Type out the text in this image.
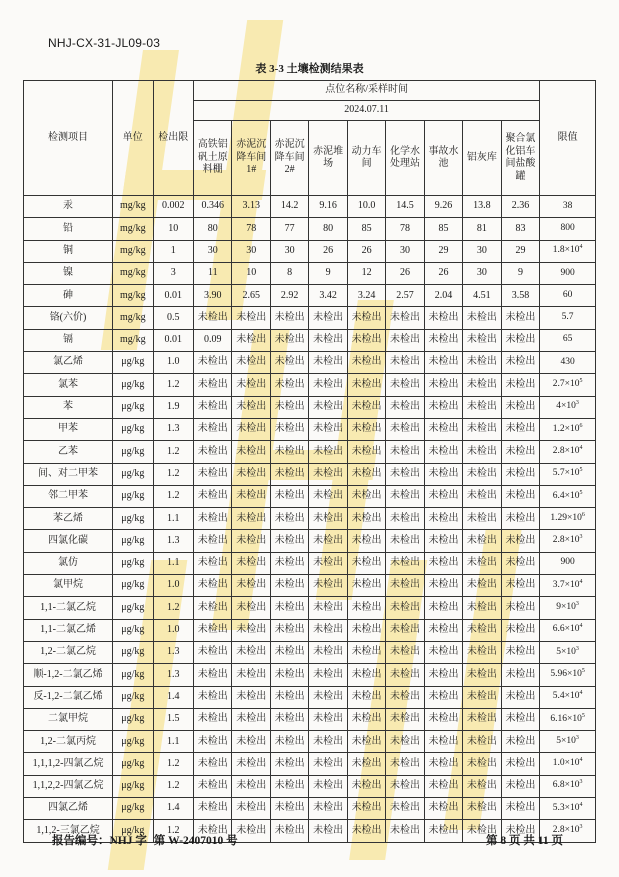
NHJ-CX-31-JL09-03
表 3-3 土壤检测结果表
检测项目	单位	检出限	点位名称/采样时间									限值
			2024.07.11									
			高铁铝矾土原料棚	赤泥沉降车间1#	赤泥沉降车间2#	赤泥堆场	动力车间	化学水处理站	事故水池	铝灰库	聚合氯化铝车间盐酸罐	
汞	mg/kg	0.002	0.346	3.13	14.2	9.16	10.0	14.5	9.26	13.8	2.36	38
铅	mg/kg	10	80	78	77	80	85	78	85	81	83	800
铜	mg/kg	1	30	30	30	26	26	30	29	30	29	$1.8\times 10^4$
镍	mg/kg	3	11	10	8	9	12	26	26	30	9	900
砷	mg/kg	0.01	3.90	2.65	2.92	3.42	3.24	2.57	2.04	4.51	3.58	60
铬(六价)	mg/kg	0.5	未检出	未检出	未检出	未检出	未检出	未检出	未检出	未检出	未检出	5.7
镉	mg/kg	0.01	0.09	未检出	未检出	未检出	未检出	未检出	未检出	未检出	未检出	65
氯乙烯	μg/kg	1.0	未检出	未检出	未检出	未检出	未检出	未检出	未检出	未检出	未检出	430
氯苯	μg/kg	1.2	未检出	未检出	未检出	未检出	未检出	未检出	未检出	未检出	未检出	$2.7\times 10^5$
苯	μg/kg	1.9	未检出	未检出	未检出	未检出	未检出	未检出	未检出	未检出	未检出	$4\times 10^3$
甲苯	μg/kg	1.3	未检出	未检出	未检出	未检出	未检出	未检出	未检出	未检出	未检出	$1.2\times 10^6$
乙苯	μg/kg	1.2	未检出	未检出	未检出	未检出	未检出	未检出	未检出	未检出	未检出	$2.8\times 10^4$
间、对二甲苯	μg/kg	1.2	未检出	未检出	未检出	未检出	未检出	未检出	未检出	未检出	未检出	$5.7\times 10^5$
邻二甲苯	μg/kg	1.2	未检出	未检出	未检出	未检出	未检出	未检出	未检出	未检出	未检出	$6.4\times 10^5$
苯乙烯	μg/kg	1.1	未检出	未检出	未检出	未检出	未检出	未检出	未检出	未检出	未检出	$1.29\times 10^6$
四氯化碳	μg/kg	1.3	未检出	未检出	未检出	未检出	未检出	未检出	未检出	未检出	未检出	$2.8\times 10^3$
氯仿	μg/kg	1.1	未检出	未检出	未检出	未检出	未检出	未检出	未检出	未检出	未检出	900
氯甲烷	μg/kg	1.0	未检出	未检出	未检出	未检出	未检出	未检出	未检出	未检出	未检出	$3.7\times 10^4$
1,1-二氯乙烷	μg/kg	1.2	未检出	未检出	未检出	未检出	未检出	未检出	未检出	未检出	未检出	$9\times 10^3$
1,1-二氯乙烯	μg/kg	1.0	未检出	未检出	未检出	未检出	未检出	未检出	未检出	未检出	未检出	$6.6\times 10^4$
1,2-二氯乙烷	μg/kg	1.3	未检出	未检出	未检出	未检出	未检出	未检出	未检出	未检出	未检出	$5\times 10^3$
顺-1,2-二氯乙烯	μg/kg	1.3	未检出	未检出	未检出	未检出	未检出	未检出	未检出	未检出	未检出	$5.96\times 10^5$
反-1,2-二氯乙烯	μg/kg	1.4	未检出	未检出	未检出	未检出	未检出	未检出	未检出	未检出	未检出	$5.4\times 10^4$
二氯甲烷	μg/kg	1.5	未检出	未检出	未检出	未检出	未检出	未检出	未检出	未检出	未检出	$6.16\times 10^5$
1,2-二氯丙烷	μg/kg	1.1	未检出	未检出	未检出	未检出	未检出	未检出	未检出	未检出	未检出	$5\times 10^3$
1,1,1,2-四氯乙烷	μg/kg	1.2	未检出	未检出	未检出	未检出	未检出	未检出	未检出	未检出	未检出	$1.0\times 10^4$
1,1,2,2-四氯乙烷	μg/kg	1.2	未检出	未检出	未检出	未检出	未检出	未检出	未检出	未检出	未检出	$6.8\times 10^3$
四氯乙烯	μg/kg	1.4	未检出	未检出	未检出	未检出	未检出	未检出	未检出	未检出	未检出	$5.3\times 10^4$
1,1,2-三氯乙烷	μg/kg	1.2	未检出	未检出	未检出	未检出	未检出	未检出	未检出	未检出	未检出	$2.8\times 10^3$
报告编号：NHJ 字 第 W-2407010 号	第 8 页 共 11 页
